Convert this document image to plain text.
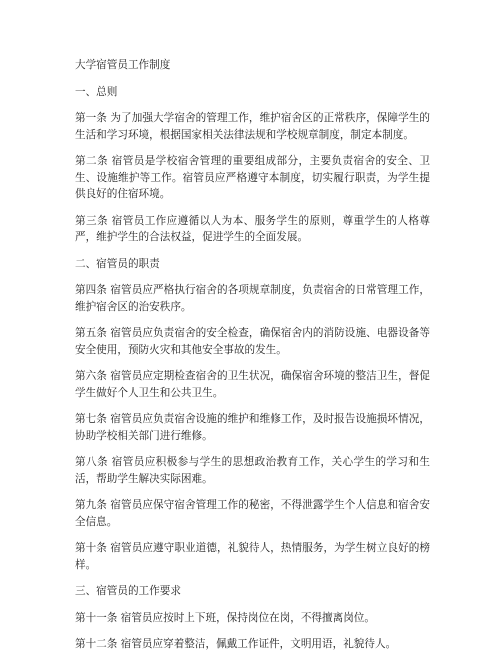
大学宿管员工作制度

一、总则

第一条 为了加强大学宿舍的管理工作，维护宿舍区的正常秩序，保障学生的生活和学习环境，根据国家相关法律法规和学校规章制度，制定本制度。

第二条 宿管员是学校宿舍管理的重要组成部分，主要负责宿舍的安全、卫生、设施维护等工作。宿管员应严格遵守本制度，切实履行职责，为学生提供良好的住宿环境。

第三条 宿管员工作应遵循以人为本、服务学生的原则，尊重学生的人格尊严，维护学生的合法权益，促进学生的全面发展。

二、宿管员的职责

第四条 宿管员应严格执行宿舍的各项规章制度，负责宿舍的日常管理工作，维护宿舍区的治安秩序。

第五条 宿管员应负责宿舍的安全检查，确保宿舍内的消防设施、电器设备等安全使用，预防火灾和其他安全事故的发生。

第六条 宿管员应定期检查宿舍的卫生状况，确保宿舍环境的整洁卫生，督促学生做好个人卫生和公共卫生。

第七条 宿管员应负责宿舍设施的维护和维修工作，及时报告设施损坏情况，协助学校相关部门进行维修。

第八条 宿管员应积极参与学生的思想政治教育工作，关心学生的学习和生活，帮助学生解决实际困难。

第九条 宿管员应保守宿舍管理工作的秘密，不得泄露学生个人信息和宿舍安全信息。

第十条 宿管员应遵守职业道德，礼貌待人，热情服务，为学生树立良好的榜样。

三、宿管员的工作要求

第十一条 宿管员应按时上下班，保持岗位在岗，不得擅离岗位。

第十二条 宿管员应穿着整洁，佩戴工作证件，文明用语，礼貌待人。
